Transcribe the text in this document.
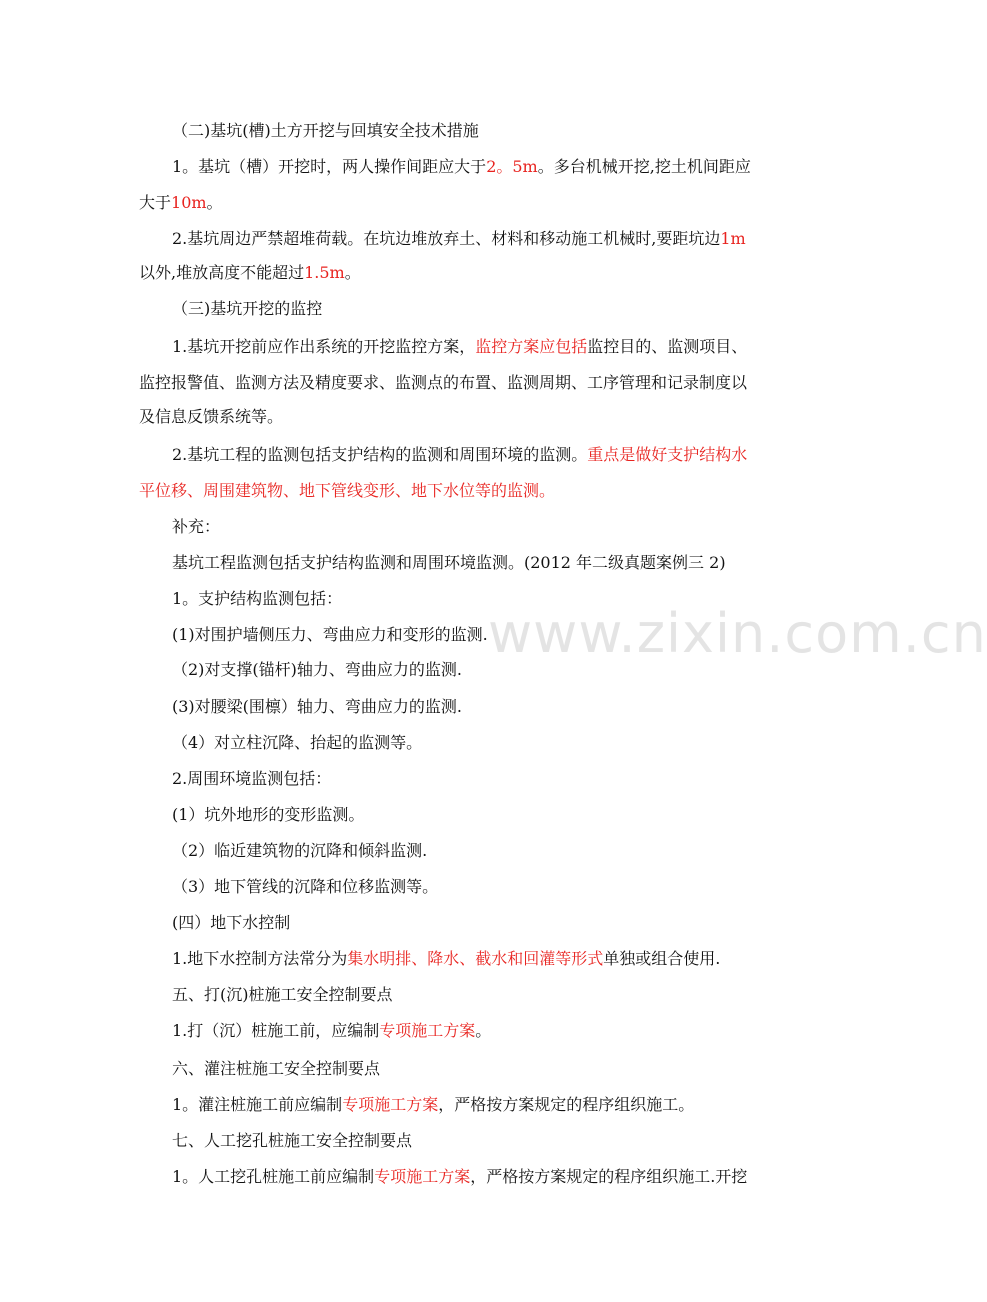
（二)基坑(槽)土方开挖与回填安全技术措施
1。基坑（槽）开挖时，两人操作间距应大于2。5m。多台机械开挖,挖土机间距应
大于10m。
2.基坑周边严禁超堆荷载。在坑边堆放弃土、材料和移动施工机械时,要距坑边1m
以外,堆放高度不能超过1.5m。
（三)基坑开挖的监控
1.基坑开挖前应作出系统的开挖监控方案，监控方案应包括监控目的、监测项目、
监控报警值、监测方法及精度要求、监测点的布置、监测周期、工序管理和记录制度以
及信息反馈系统等。
2.基坑工程的监测包括支护结构的监测和周围环境的监测。重点是做好支护结构水
平位移、周围建筑物、地下管线变形、地下水位等的监测。
补充：
基坑工程监测包括支护结构监测和周围环境监测。(2012 年二级真题案例三 2)
1。支护结构监测包括：
(1)对围护墙侧压力、弯曲应力和变形的监测.
（2)对支撑(锚杆)轴力、弯曲应力的监测.
(3)对腰梁(围檩）轴力、弯曲应力的监测.
（4）对立柱沉降、抬起的监测等。
2.周围环境监测包括：
(1）坑外地形的变形监测。
（2）临近建筑物的沉降和倾斜监测.
（3）地下管线的沉降和位移监测等。
(四）地下水控制
1.地下水控制方法常分为集水明排、降水、截水和回灌等形式单独或组合使用.
五、打(沉)桩施工安全控制要点
1.打（沉）桩施工前，应编制专项施工方案。
六、灌注桩施工安全控制要点
1。灌注桩施工前应编制专项施工方案，严格按方案规定的程序组织施工。
七、人工挖孔桩施工安全控制要点
1。人工挖孔桩施工前应编制专项施工方案，严格按方案规定的程序组织施工.开挖
www.zixin.com.cn
